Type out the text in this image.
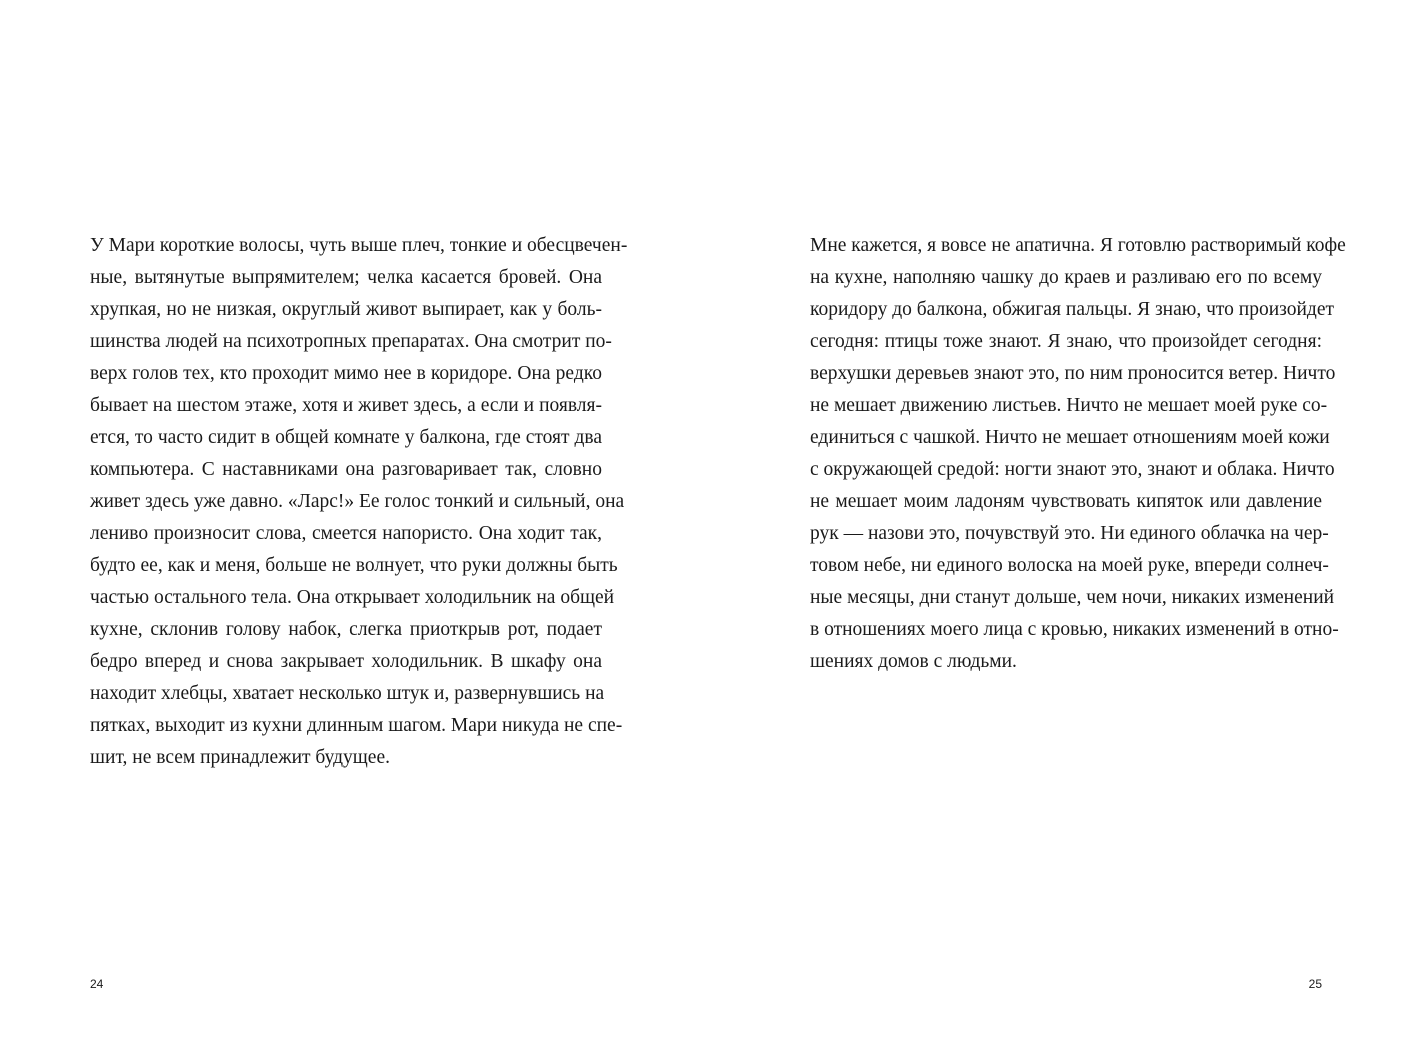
У Мари короткие волосы, чуть выше плеч, тонкие и обесцвечен-
ные, вытянутые выпрямителем; челка касается бровей. Она
хрупкая, но не низкая, округлый живот выпирает, как у боль-
шинства людей на психотропных препаратах. Она смотрит по-
верх голов тех, кто проходит мимо нее в коридоре. Она редко
бывает на шестом этаже, хотя и живет здесь, а если и появля-
ется, то часто сидит в общей комнате у балкона, где стоят два
компьютера. С наставниками она разговаривает так, словно
живет здесь уже давно. «Ларс!» Ее голос тонкий и сильный, она
лениво произносит слова, смеется напористо. Она ходит так,
будто ее, как и меня, больше не волнует, что руки должны быть
частью остального тела. Она открывает холодильник на общей
кухне, склонив голову набок, слегка приоткрыв рот, подает
бедро вперед и снова закрывает холодильник. В шкафу она
находит хлебцы, хватает несколько штук и, развернувшись на
пятках, выходит из кухни длинным шагом. Мари никуда не спе-
шит, не всем принадлежит будущее.
24
Мне кажется, я вовсе не апатична. Я готовлю растворимый кофе
на кухне, наполняю чашку до краев и разливаю его по всему
коридору до балкона, обжигая пальцы. Я знаю, что произойдет
сегодня: птицы тоже знают. Я знаю, что произойдет сегодня:
верхушки деревьев знают это, по ним проносится ветер. Ничто
не мешает движению листьев. Ничто не мешает моей руке со-
единиться с чашкой. Ничто не мешает отношениям моей кожи
с окружающей средой: ногти знают это, знают и облака. Ничто
не мешает моим ладоням чувствовать кипяток или давление
рук — назови это, почувствуй это. Ни единого облачка на чер-
товом небе, ни единого волоска на моей руке, впереди солнеч-
ные месяцы, дни станут дольше, чем ночи, никаких изменений
в отношениях моего лица с кровью, никаких изменений в отно-
шениях домов с людьми.
25
